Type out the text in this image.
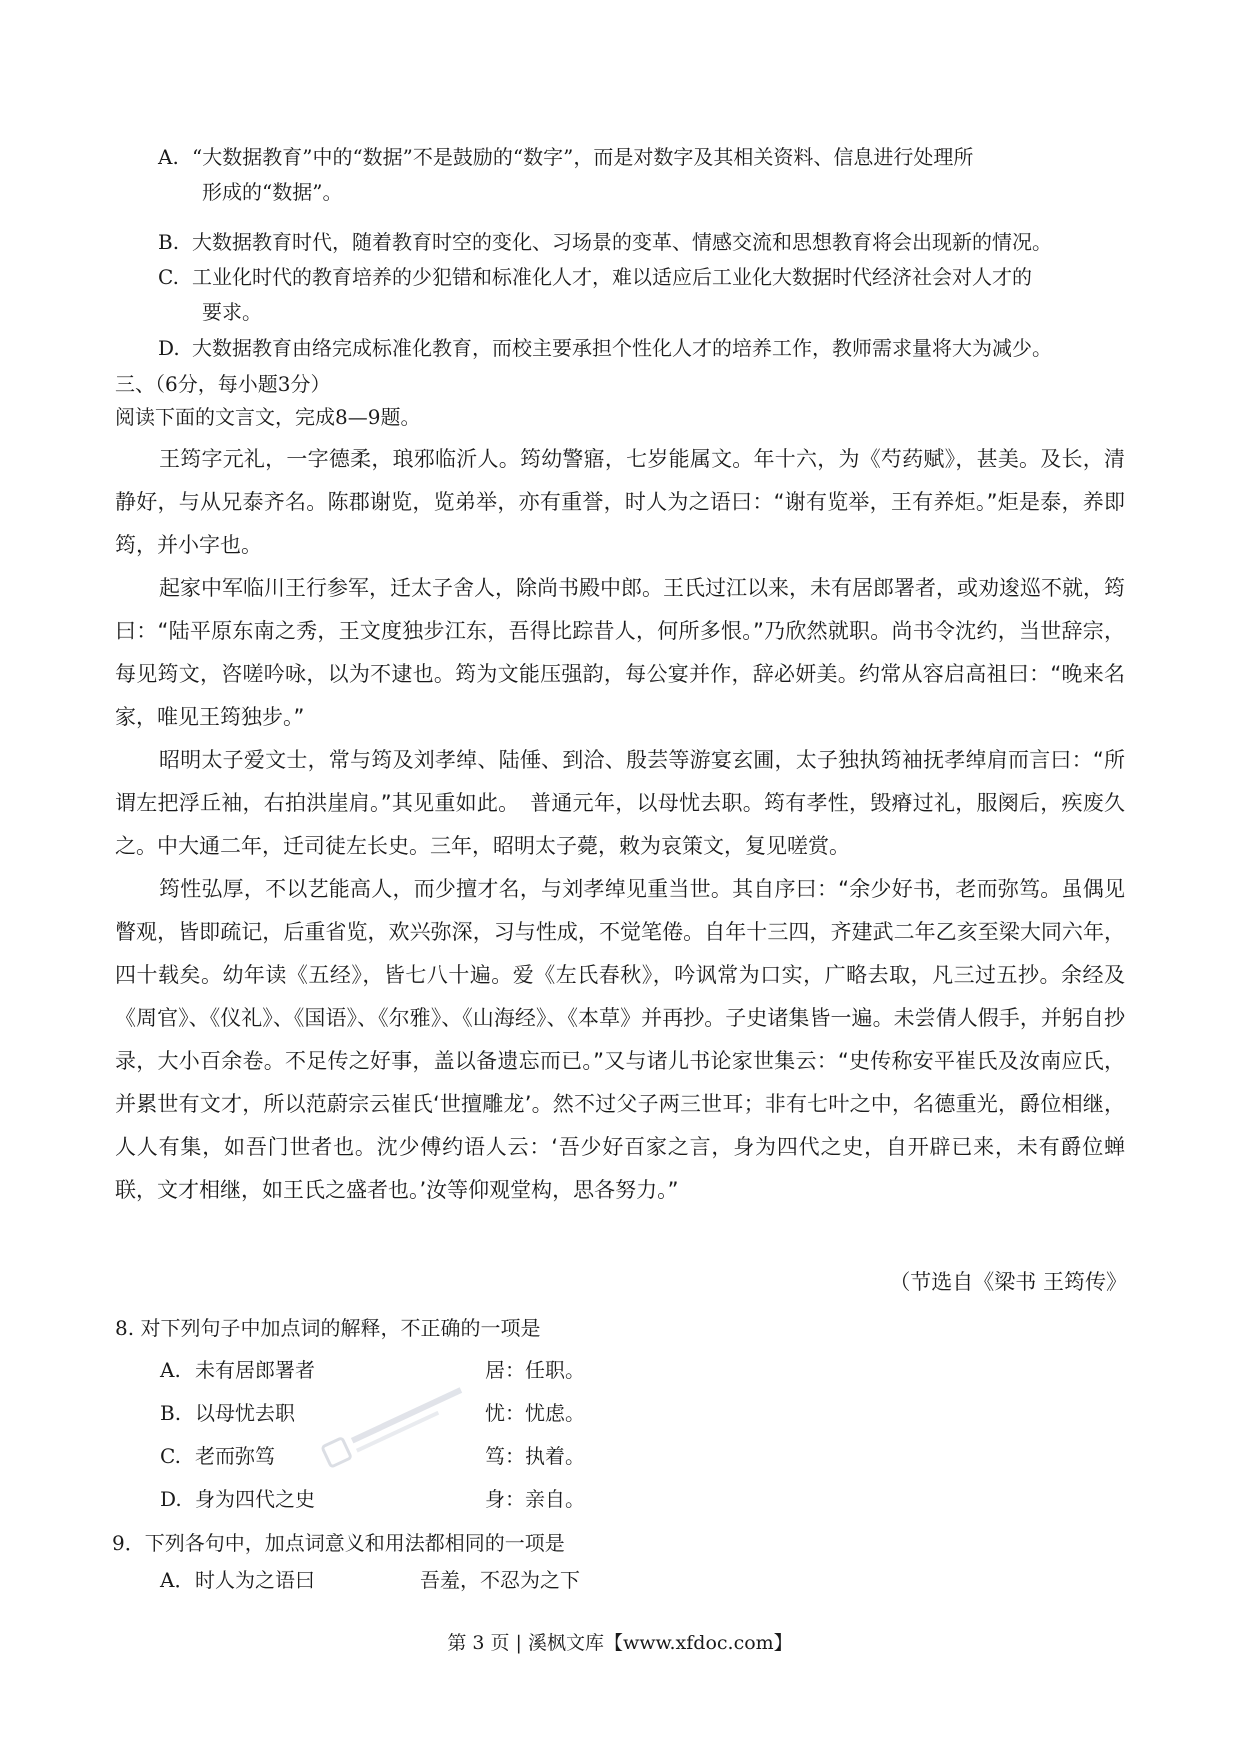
A. “大数据教育”中的“数据”不是鼓励的“数字”，而是对数字及其相关资料、信息进行处理所
形成的“数据”。
B. 大数据教育时代，随着教育时空的变化、习场景的变革、情感交流和思想教育将会出现新的情况。
C. 工业化时代的教育培养的少犯错和标准化人才，难以适应后工业化大数据时代经济社会对人才的
要求。
D. 大数据教育由络完成标准化教育，而校主要承担个性化人才的培养工作，教师需求量将大为减少。
三、（6分，每小题3分）
阅读下面的文言文，完成8—9题。

王筠字元礼，一字德柔，琅邪临沂人。筠幼警寤，七岁能属文。年十六，为《芍药赋》，甚美。及长，清静好，与从兄泰齐名。陈郡谢览，览弟举，亦有重誉，时人为之语曰：“谢有览举，王有养炬。”炬是泰，养即筠，并小字也。

起家中军临川王行参军，迁太子舍人，除尚书殿中郎。王氏过江以来，未有居郎署者，或劝逡巡不就，筠曰：“陆平原东南之秀，王文度独步江东，吾得比踪昔人，何所多恨。”乃欣然就职。尚书令沈约，当世辞宗，每见筠文，咨嗟吟咏，以为不逮也。筠为文能压强韵，每公宴并作，辞必妍美。约常从容启高祖曰：“晚来名家，唯见王筠独步。”

昭明太子爱文士，常与筠及刘孝绰、陆倕、到洽、殷芸等游宴玄圃，太子独执筠袖抚孝绰肩而言曰：“所谓左把浮丘袖，右拍洪崖肩。”其见重如此。　普通元年，以母忧去职。筠有孝性，毁瘠过礼，服阕后，疾废久之。中大通二年，迁司徒左长史。三年，昭明太子薨，敕为哀策文，复见嗟赏。

筠性弘厚，不以艺能高人，而少擅才名，与刘孝绰见重当世。其自序曰：“余少好书，老而弥笃。虽偶见瞥观，皆即疏记，后重省览，欢兴弥深，习与性成，不觉笔倦。自年十三四，齐建武二年乙亥至梁大同六年，四十载矣。幼年读《五经》，皆七八十遍。爱《左氏春秋》，吟讽常为口实，广略去取，凡三过五抄。余经及《周官》、《仪礼》、《国语》、《尔雅》、《山海经》、《本草》并再抄。子史诸集皆一遍。未尝倩人假手，并躬自抄录，大小百余卷。不足传之好事，盖以备遗忘而已。”又与诸儿书论家世集云：“史传称安平崔氏及汝南应氏，并累世有文才，所以范蔚宗云崔氏‘世擅雕龙’。然不过父子两三世耳；非有七叶之中，名德重光，爵位相继，人人有集，如吾门世者也。沈少傅约语人云：‘吾少好百家之言，身为四代之史，自开辟已来，未有爵位蝉联，文才相继，如王氏之盛者也。’汝等仰观堂构，思各努力。”

（节选自《梁书 王筠传》
8. 对下列句子中加点词的解释，不正确的一项是
A. 未有居郎署者	居：任职。
B. 以母忧去职	忧：忧虑。
C. 老而弥笃	笃：执着。
D. 身为四代之史	身：亲自。
9．下列各句中，加点词意义和用法都相同的一项是
A．时人为之语曰	吾羞，不忍为之下
第 3 页 | 溪枫文库【www.xfdoc.com】
